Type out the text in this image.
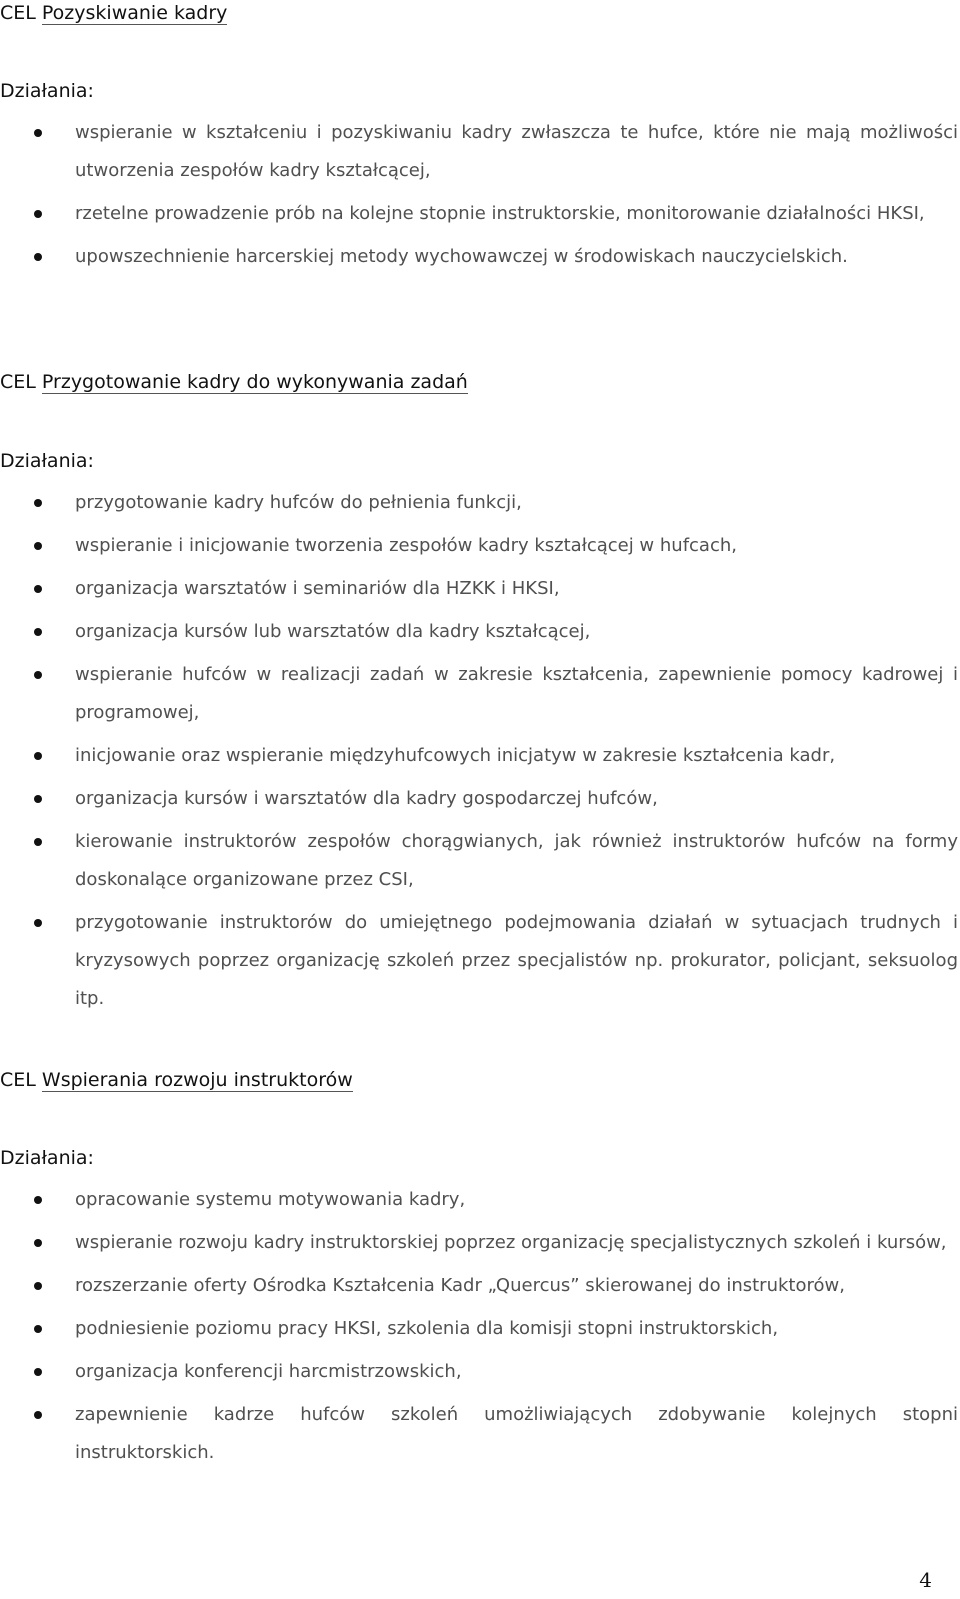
CEL Pozyskiwanie kadry

Działania:

wspieranie w kształceniu i pozyskiwaniu kadry zwłaszcza te hufce, które nie mają możliwości utworzenia zespołów kadry kształcącej,
rzetelne prowadzenie prób na kolejne stopnie instruktorskie, monitorowanie działalności HKSI,
upowszechnienie harcerskiej metody wychowawczej w środowiskach nauczycielskich.
CEL Przygotowanie kadry do wykonywania zadań

Działania:

przygotowanie kadry hufców do pełnienia funkcji,
wspieranie i inicjowanie tworzenia zespołów kadry kształcącej w hufcach,
organizacja warsztatów i seminariów dla HZKK i HKSI,
organizacja kursów lub warsztatów dla kadry kształcącej,
wspieranie hufców w realizacji zadań w zakresie kształcenia, zapewnienie pomocy kadrowej i programowej,
inicjowanie oraz wspieranie międzyhufcowych inicjatyw w zakresie kształcenia kadr,
organizacja kursów i warsztatów dla kadry gospodarczej hufców,
kierowanie instruktorów zespołów chorągwianych, jak również instruktorów hufców na formy doskonalące organizowane przez CSI,
przygotowanie instruktorów do umiejętnego podejmowania działań w sytuacjach trudnych i kryzysowych poprzez organizację szkoleń przez specjalistów np. prokurator, policjant, seksuolog itp.
CEL Wspierania rozwoju instruktorów

Działania:

opracowanie systemu motywowania kadry,
wspieranie rozwoju kadry instruktorskiej poprzez organizację specjalistycznych szkoleń i kursów,
rozszerzanie oferty Ośrodka Kształcenia Kadr „Quercus” skierowanej do instruktorów,
podniesienie poziomu pracy HKSI, szkolenia dla komisji stopni instruktorskich,
organizacja konferencji harcmistrzowskich,
zapewnienie kadrze hufców szkoleń umożliwiających zdobywanie kolejnych stopni instruktorskich.
4
